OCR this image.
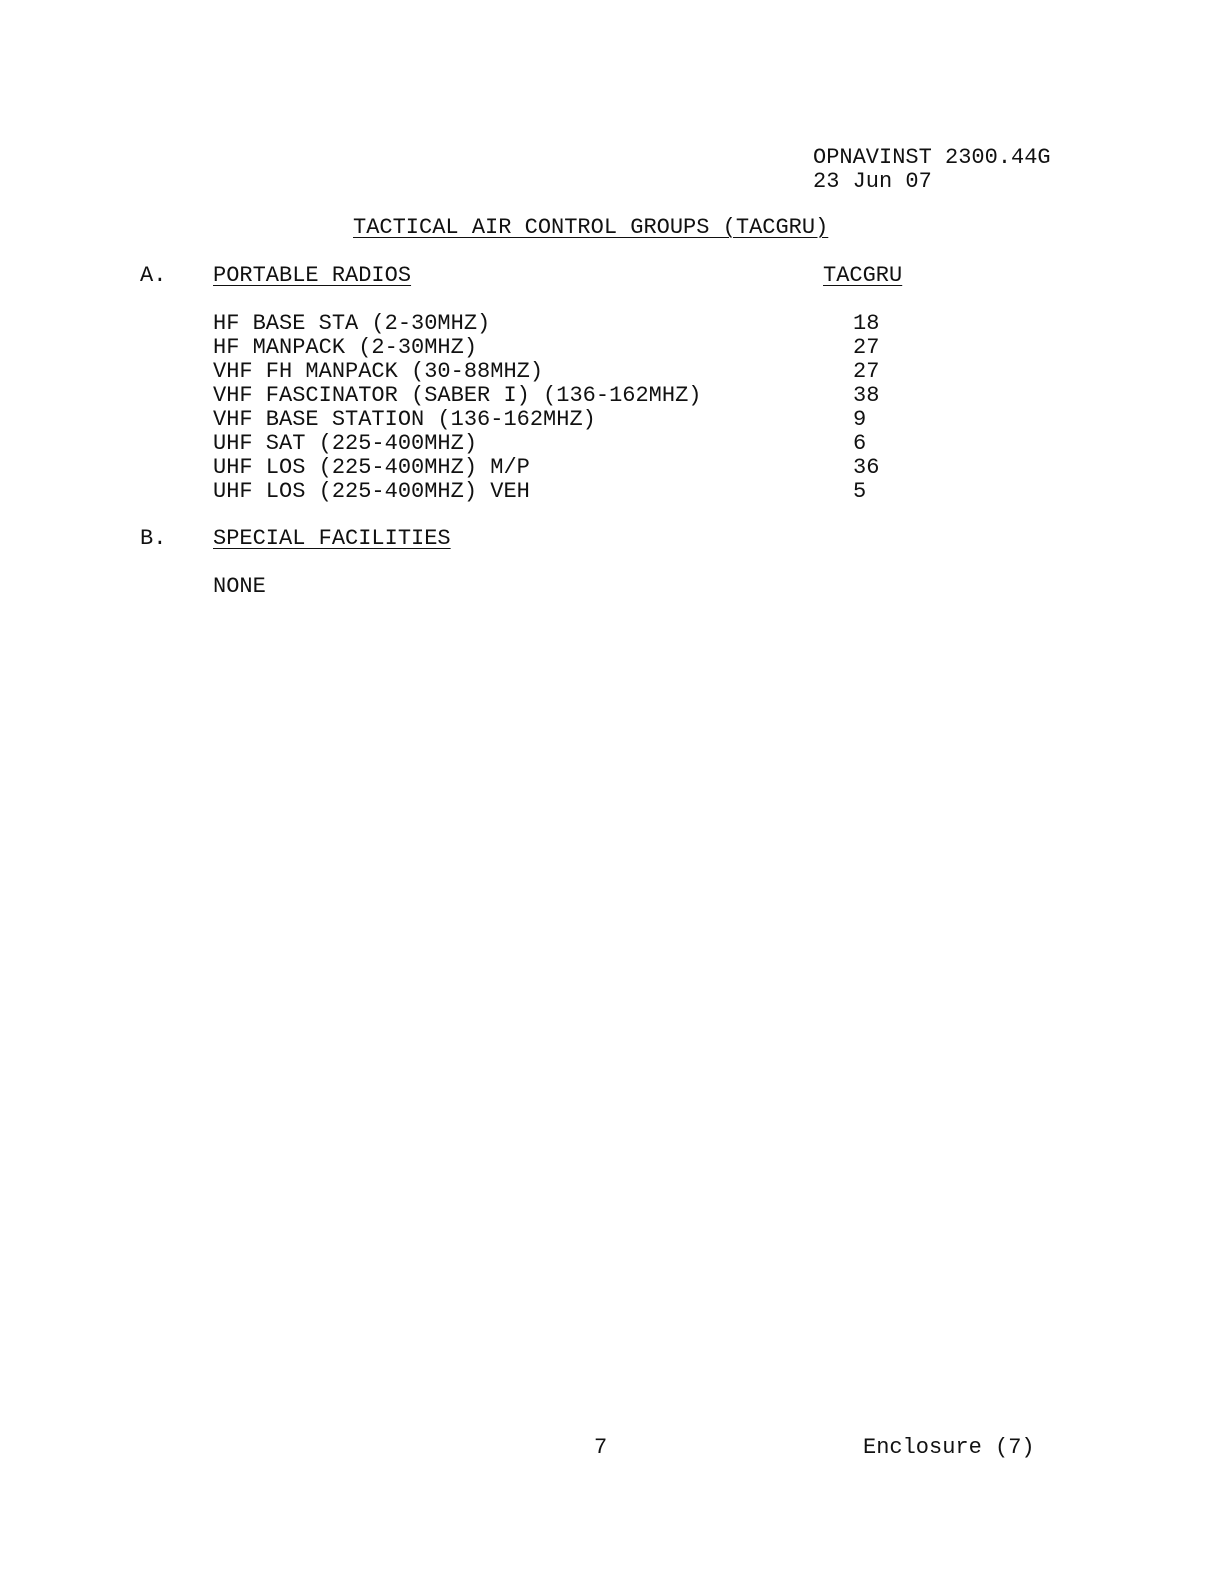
OPNAVINST 2300.44G
23 Jun 07
TACTICAL AIR CONTROL GROUPS (TACGRU)
A. PORTABLE RADIOS	TACGRU
HF BASE STA (2-30MHZ)	18
HF MANPACK (2-30MHZ)	27
VHF FH MANPACK (30-88MHZ)	27
VHF FASCINATOR (SABER I) (136-162MHZ)	38
VHF BASE STATION (136-162MHZ)	9
UHF SAT (225-400MHZ)	6
UHF LOS (225-400MHZ) M/P	36
UHF LOS (225-400MHZ) VEH	5
B. SPECIAL FACILITIES
NONE
7	Enclosure (7)
